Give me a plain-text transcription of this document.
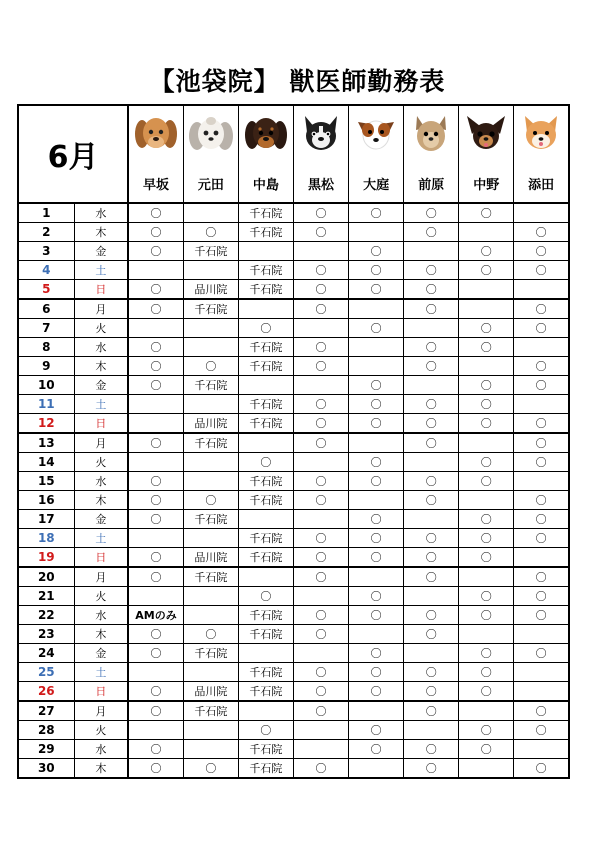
【池袋院】 獣医師勤務表
6月		早坂	元田	中島	黒松	大庭	前原	中野	添田

1	水	〇		千石院	〇	〇	〇	〇	
2	木	〇	〇	千石院	〇		〇		〇
3	金	〇	千石院			〇		〇	〇
4	土			千石院	〇	〇	〇	〇	〇
5	日	〇	品川院	千石院	〇	〇	〇		
6	月	〇	千石院		〇		〇		〇
7	火			〇		〇		〇	〇
8	水	〇		千石院	〇		〇	〇	
9	木	〇	〇	千石院	〇		〇		〇
10	金	〇	千石院			〇		〇	〇
11	土			千石院	〇	〇	〇	〇	
12	日		品川院	千石院	〇	〇	〇	〇	〇
13	月	〇	千石院		〇		〇		〇
14	火			〇		〇		〇	〇
15	水	〇		千石院	〇	〇	〇	〇	
16	木	〇	〇	千石院	〇		〇		〇
17	金	〇	千石院			〇		〇	〇
18	土			千石院	〇	〇	〇	〇	〇
19	日	〇	品川院	千石院	〇	〇	〇	〇	
20	月	〇	千石院		〇		〇		〇
21	火			〇		〇		〇	〇
22	水	AMのみ		千石院	〇	〇	〇	〇	〇
23	木	〇	〇	千石院	〇		〇		
24	金	〇	千石院			〇		〇	〇
25	土			千石院	〇	〇	〇	〇	
26	日	〇	品川院	千石院	〇	〇	〇	〇	
27	月	〇	千石院		〇		〇		〇
28	火			〇		〇		〇	〇
29	水	〇		千石院		〇	〇	〇	
30	木	〇	〇	千石院	〇		〇		〇
